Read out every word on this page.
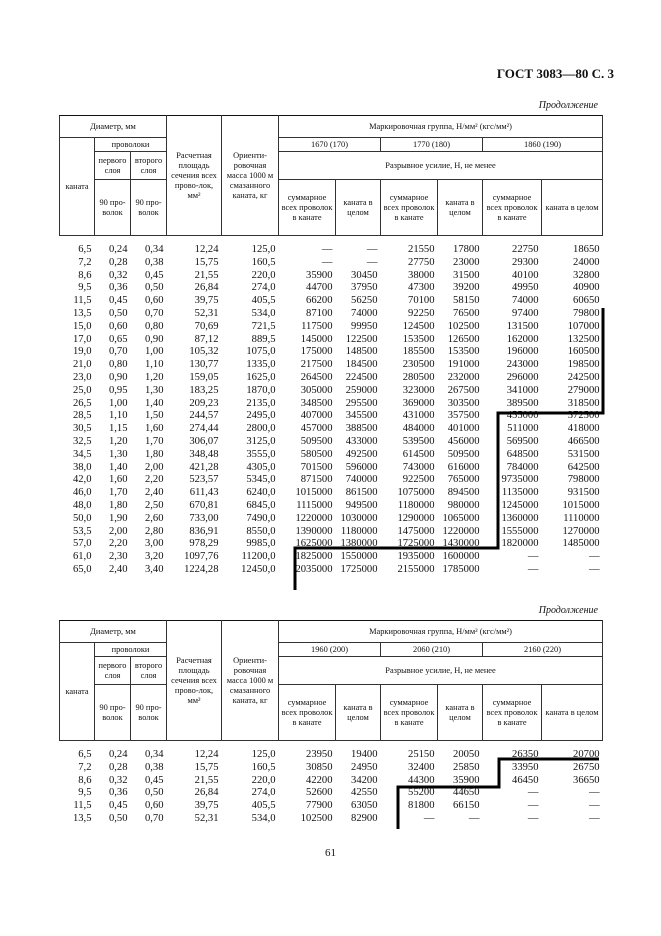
ГОСТ 3083—80 С. 3
Продолжение
Диаметр, мм			Расчетная площадь сечения всех прово-лок, мм²	Ориенти-ровочная масса 1000 м смазанного каната, кг	Маркировочная группа, Н/мм² (кгс/мм²)					
каната	проволоки				1670 (170)		1770 (180)		1860 (190)	
	первого слоя	второго слоя			Разрывное усилие, Н, не менее					
	90 про-волок	90 про-волок			суммарное всех проволок в канате	каната в целом	суммарное всех проволок в канате	каната в целом	суммарное всех проволок в канате	каната в целом
6,5	0,24	0,34	12,24	125,0	—	—	21550	17800	22750	18650
7,2	0,28	0,38	15,75	160,5	—	—	27750	23000	29300	24000
8,6	0,32	0,45	21,55	220,0	35900	30450	38000	31500	40100	32800
9,5	0,36	0,50	26,84	274,0	44700	37950	47300	39200	49950	40900
11,5	0,45	0,60	39,75	405,5	66200	56250	70100	58150	74000	60650
13,5	0,50	0,70	52,31	534,0	87100	74000	92250	76500	97400	79800
15,0	0,60	0,80	70,69	721,5	117500	99950	124500	102500	131500	107000
17,0	0,65	0,90	87,12	889,5	145000	122500	153500	126500	162000	132500
19,0	0,70	1,00	105,32	1075,0	175000	148500	185500	153500	196000	160500
21,0	0,80	1,10	130,77	1335,0	217500	184500	230500	191000	243000	198500
23,0	0,90	1,20	159,05	1625,0	264500	224500	280500	232000	296000	242500
25,0	0,95	1,30	183,25	1870,0	305000	259000	323000	267500	341000	279000
26,5	1,00	1,40	209,23	2135,0	348500	295500	369000	303500	389500	318500
28,5	1,10	1,50	244,57	2495,0	407000	345500	431000	357500	455000	372500
30,5	1,15	1,60	274,44	2800,0	457000	388500	484000	401000	511000	418000
32,5	1,20	1,70	306,07	3125,0	509500	433000	539500	456000	569500	466500
34,5	1,30	1,80	348,48	3555,0	580500	492500	614500	509500	648500	531500
38,0	1,40	2,00	421,28	4305,0	701500	596000	743000	616000	784000	642500
42,0	1,60	2,20	523,57	5345,0	871500	740000	922500	765000	9735000	798000
46,0	1,70	2,40	611,43	6240,0	1015000	861500	1075000	894500	1135000	931500
48,0	1,80	2,50	670,81	6845,0	1115000	949500	1180000	980000	1245000	1015000
50,0	1,90	2,60	733,00	7490,0	1220000	1030000	1290000	1065000	1360000	1110000
53,5	2,00	2,80	836,91	8550,0	1390000	1180000	1475000	1220000	1555000	1270000
57,0	2,20	3,00	978,29	9985,0	1625000	1380000	1725000	1430000	1820000	1485000
61,0	2,30	3,20	1097,76	11200,0	1825000	1550000	1935000	1600000	—	—
65,0	2,40	3,40	1224,28	12450,0	2035000	1725000	2155000	1785000	—	—
Продолжение
Диаметр, мм			Расчетная площадь сечения всех прово-лок, мм²	Ориенти-ровочная масса 1000 м смазанного каната, кг	Маркировочная группа, Н/мм² (кгс/мм²)					
каната	проволоки				1960 (200)		2060 (210)		2160 (220)	
	первого слоя	второго слоя			Разрывное усилие, Н, не менее					
	90 про-волок	90 про-волок			суммарное всех проволок в канате	каната в целом	суммарное всех проволок в канате	каната в целом	суммарное всех проволок в канате	каната в целом
6,5	0,24	0,34	12,24	125,0	23950	19400	25150	20050	26350	20700
7,2	0,28	0,38	15,75	160,5	30850	24950	32400	25850	33950	26750
8,6	0,32	0,45	21,55	220,0	42200	34200	44300	35900	46450	36650
9,5	0,36	0,50	26,84	274,0	52600	42550	55200	44650	—	—
11,5	0,45	0,60	39,75	405,5	77900	63050	81800	66150	—	—
13,5	0,50	0,70	52,31	534,0	102500	82900	—	—	—	—
61
